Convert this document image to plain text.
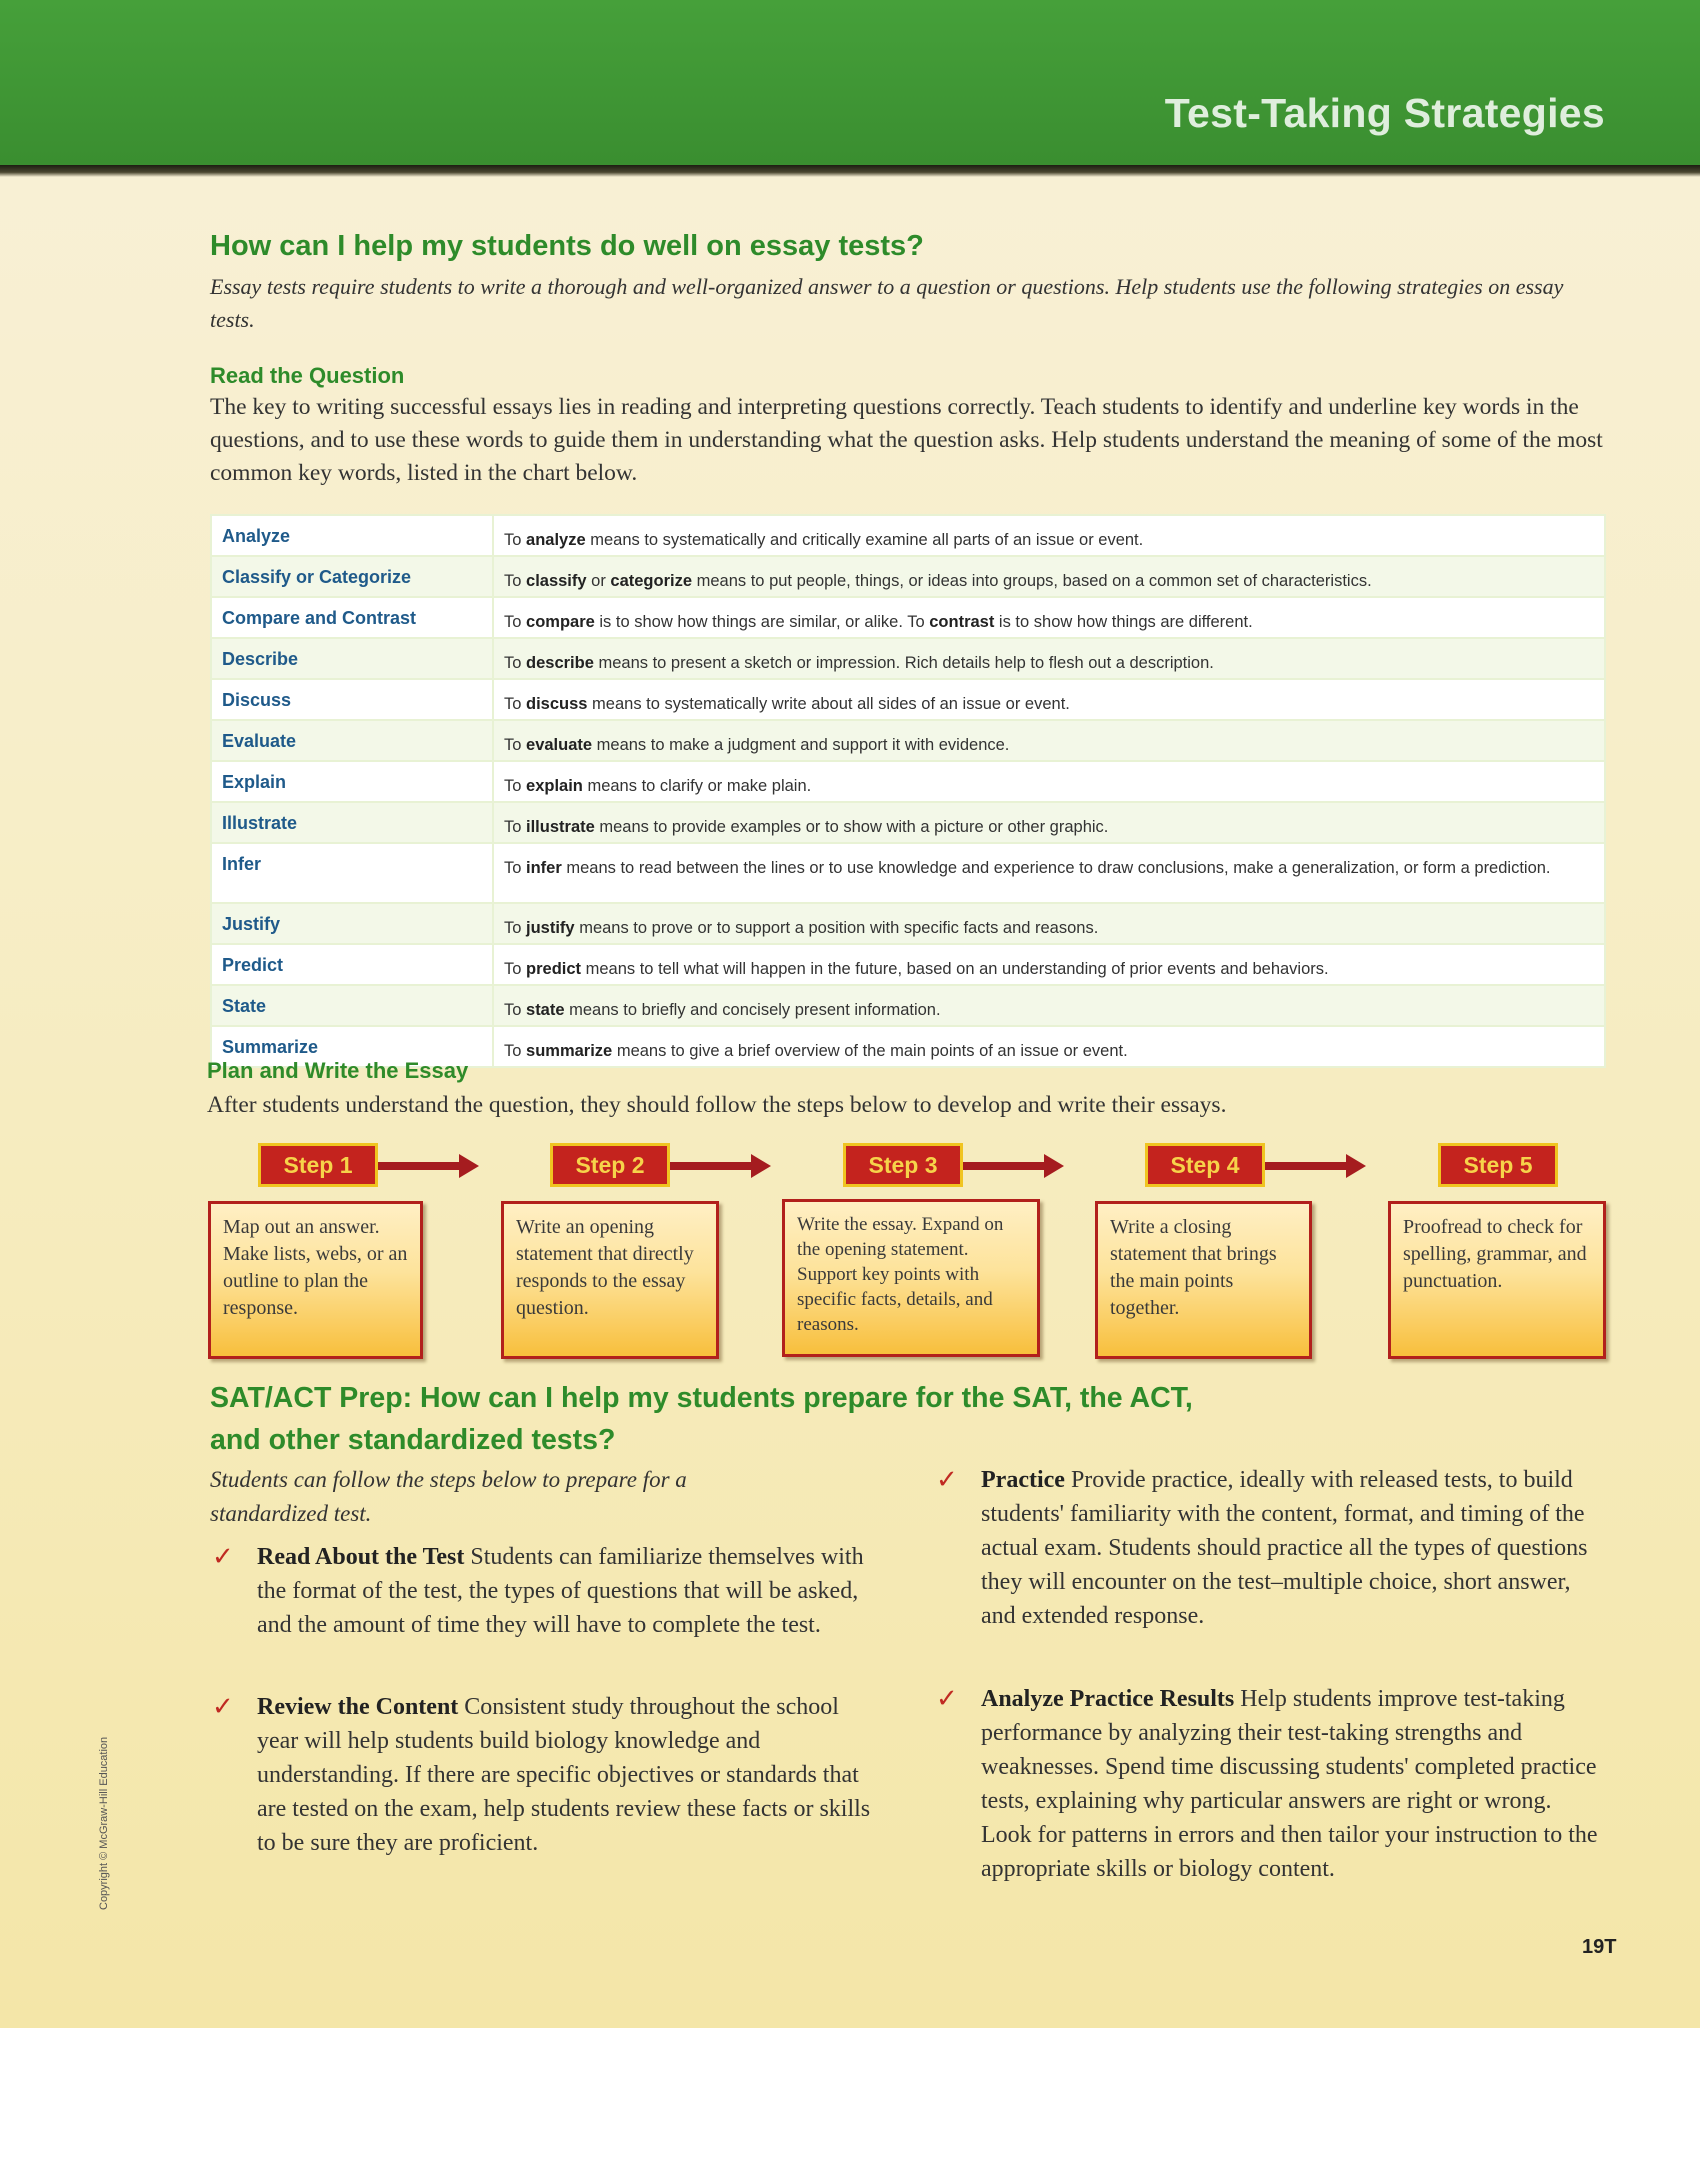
Test-Taking Strategies
How can I help my students do well on essay tests?
Essay tests require students to write a thorough and well-organized answer to a question or questions. Help students use the following strategies on essay tests.
Read the Question
The key to writing successful essays lies in reading and interpreting questions correctly. Teach students to identify and underline key words in the questions, and to use these words to guide them in understanding what the question asks. Help students understand the meaning of some of the most common key words, listed in the chart below.
Analyze	To analyze means to systematically and critically examine all parts of an issue or event.
Classify or Categorize	To classify or categorize means to put people, things, or ideas into groups, based on a common set of characteristics.
Compare and Contrast	To compare is to show how things are similar, or alike. To contrast is to show how things are different.
Describe	To describe means to present a sketch or impression. Rich details help to flesh out a description.
Discuss	To discuss means to systematically write about all sides of an issue or event.
Evaluate	To evaluate means to make a judgment and support it with evidence.
Explain	To explain means to clarify or make plain.
Illustrate	To illustrate means to provide examples or to show with a picture or other graphic.
Infer	To infer means to read between the lines or to use knowledge and experience to draw conclusions, make a generalization, or form a prediction.
Justify	To justify means to prove or to support a position with specific facts and reasons.
Predict	To predict means to tell what will happen in the future, based on an understanding of prior events and behaviors.
State	To state means to briefly and concisely present information.
Summarize	To summarize means to give a brief overview of the main points of an issue or event.
Plan and Write the Essay
After students understand the question, they should follow the steps below to develop and write their essays.
Step 1
Map out an answer. Make lists, webs, or an outline to plan the response.
Step 2
Write an opening statement that directly responds to the essay question.
Step 3
Write the essay. Expand on the opening statement. Support key points with specific facts, details, and reasons.
Step 4
Write a closing statement that brings the main points together.
Step 5
Proofread to check for spelling, grammar, and punctuation.
SAT/ACT Prep: How can I help my students prepare for the SAT, the ACT,
and other standardized tests?
Students can follow the steps below to prepare for a standardized test.
✓ Read About the Test Students can familiarize themselves with the format of the test, the types of questions that will be asked, and the amount of time they will have to complete the test.
✓ Review the Content Consistent study throughout the school year will help students build biology knowledge and understanding. If there are specific objectives or standards that are tested on the exam, help students review these facts or skills to be sure they are proficient.
✓ Practice Provide practice, ideally with released tests, to build students' familiarity with the content, format, and timing of the actual exam. Students should practice all the types of questions they will encounter on the test–multiple choice, short answer, and extended response.
✓ Analyze Practice Results Help students improve test-taking performance by analyzing their test-taking strengths and weaknesses. Spend time discussing students' completed practice tests, explaining why particular answers are right or wrong. Look for patterns in errors and then tailor your instruction to the appropriate skills or biology content.
Copyright © McGraw-Hill Education
19T
